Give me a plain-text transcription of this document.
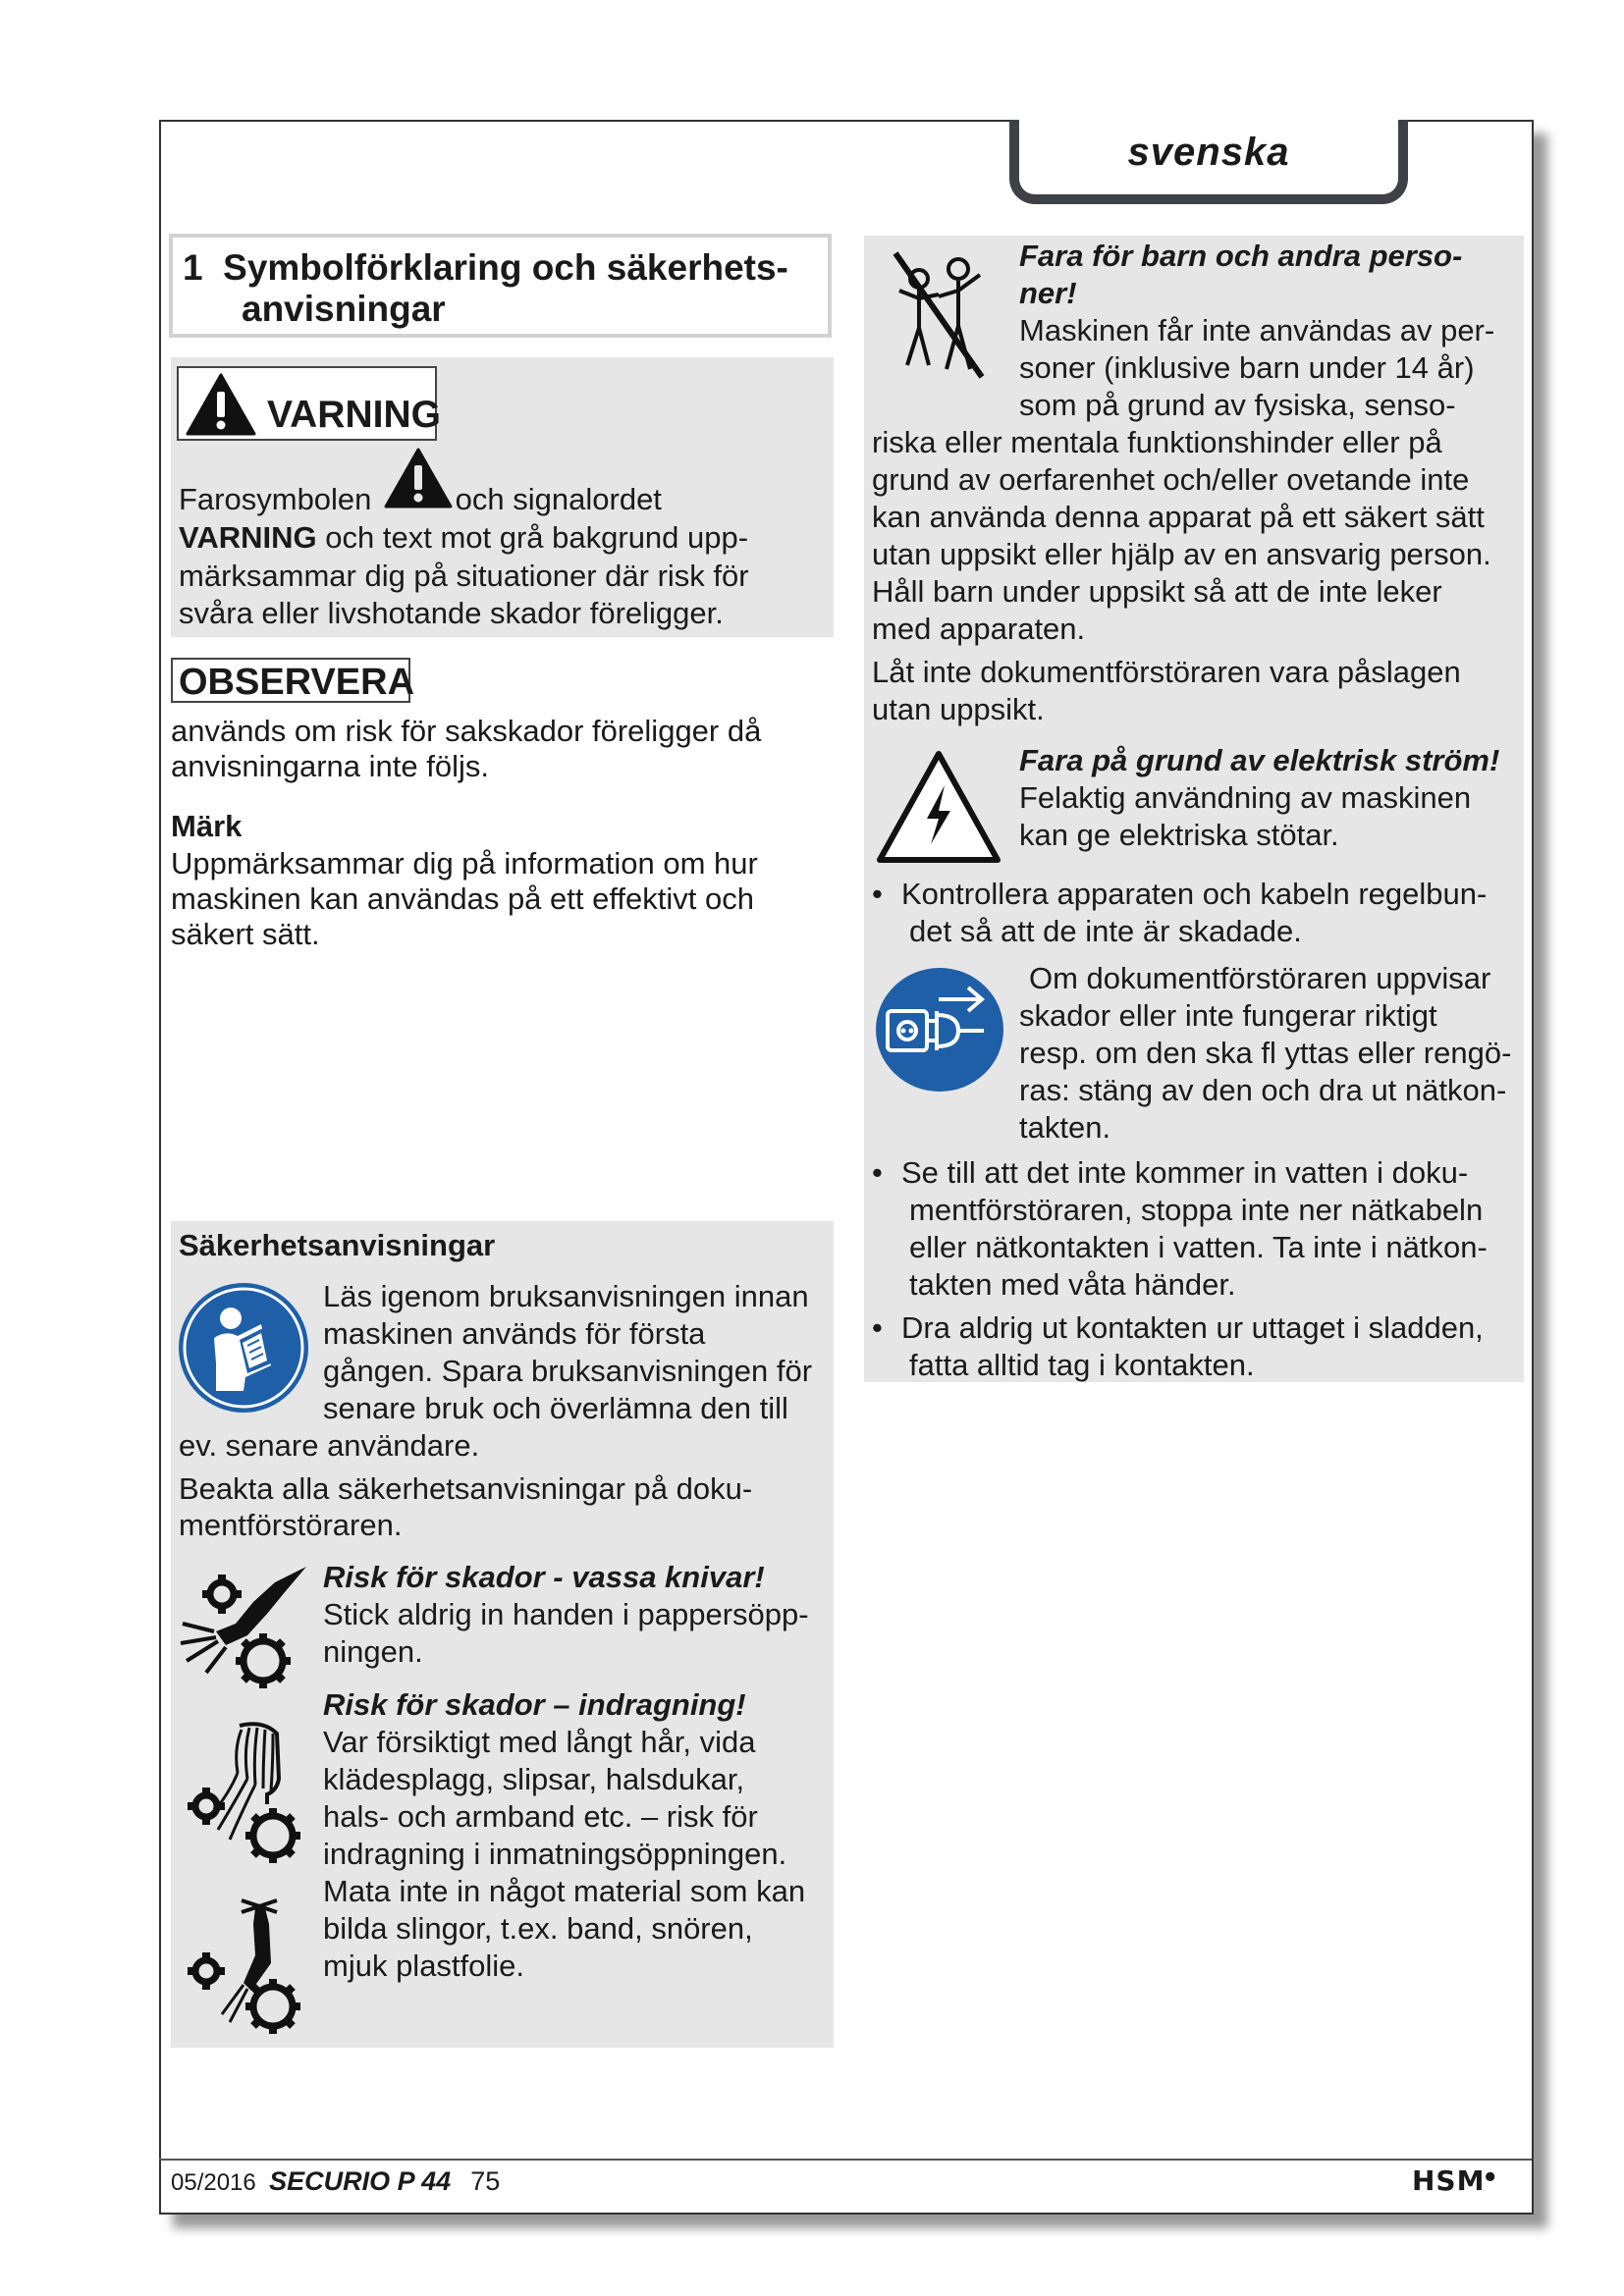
svenska
1 Symbolförklaring och säkerhets-
anvisningar
VARNING
Farosymbolen	och signalordet
VARNING och text mot grå bakgrund upp-
märksammar dig på situationer där risk för
svåra eller livshotande skador föreligger.
OBSERVERA
används om risk för sakskador föreligger då
anvisningarna inte följs.
Märk
Uppmärksammar dig på information om hur
maskinen kan användas på ett effektivt och
säkert sätt.
Säkerhetsanvisningar
Läs igenom bruksanvisningen innan
maskinen används för första
gången. Spara bruksanvisningen för
senare bruk och överlämna den till
ev. senare användare.
Beakta alla säkerhetsanvisningar på doku-
mentförstöraren.
Risk för skador - vassa knivar!
Stick aldrig in handen i pappersöpp-
ningen.
Risk för skador – indragning!
Var försiktigt med långt hår, vida
klädesplagg, slipsar, halsdukar,
hals- och armband etc. – risk för
indragning i inmatningsöppningen.
Mata inte in något material som kan
bilda slingor, t.ex. band, snören,
mjuk plastfolie.
Fara för barn och andra perso-
ner!
Maskinen får inte användas av per-
soner (inklusive barn under 14 år)
som på grund av fysiska, senso-
riska eller mentala funktionshinder eller på
grund av oerfarenhet och/eller ovetande inte
kan använda denna apparat på ett säkert sätt
utan uppsikt eller hjälp av en ansvarig person.
Håll barn under uppsikt så att de inte leker
med apparaten.
Låt inte dokumentförstöraren vara påslagen
utan uppsikt.
Fara på grund av elektrisk ström!
Felaktig användning av maskinen
kan ge elektriska stötar.
• Kontrollera apparaten och kabeln regelbun-
det så att de inte är skadade.
Om dokumentförstöraren uppvisar
skador eller inte fungerar riktigt
resp. om den ska fl yttas eller rengö-
ras: stäng av den och dra ut nätkon-
takten.
• Se till att det inte kommer in vatten i doku-
mentförstöraren, stoppa inte ner nätkabeln
eller nätkontakten i vatten. Ta inte i nätkon-
takten med våta händer.
• Dra aldrig ut kontakten ur uttaget i sladden,
fatta alltid tag i kontakten.
05/2016 SECURIO P 44 75	HSM●
